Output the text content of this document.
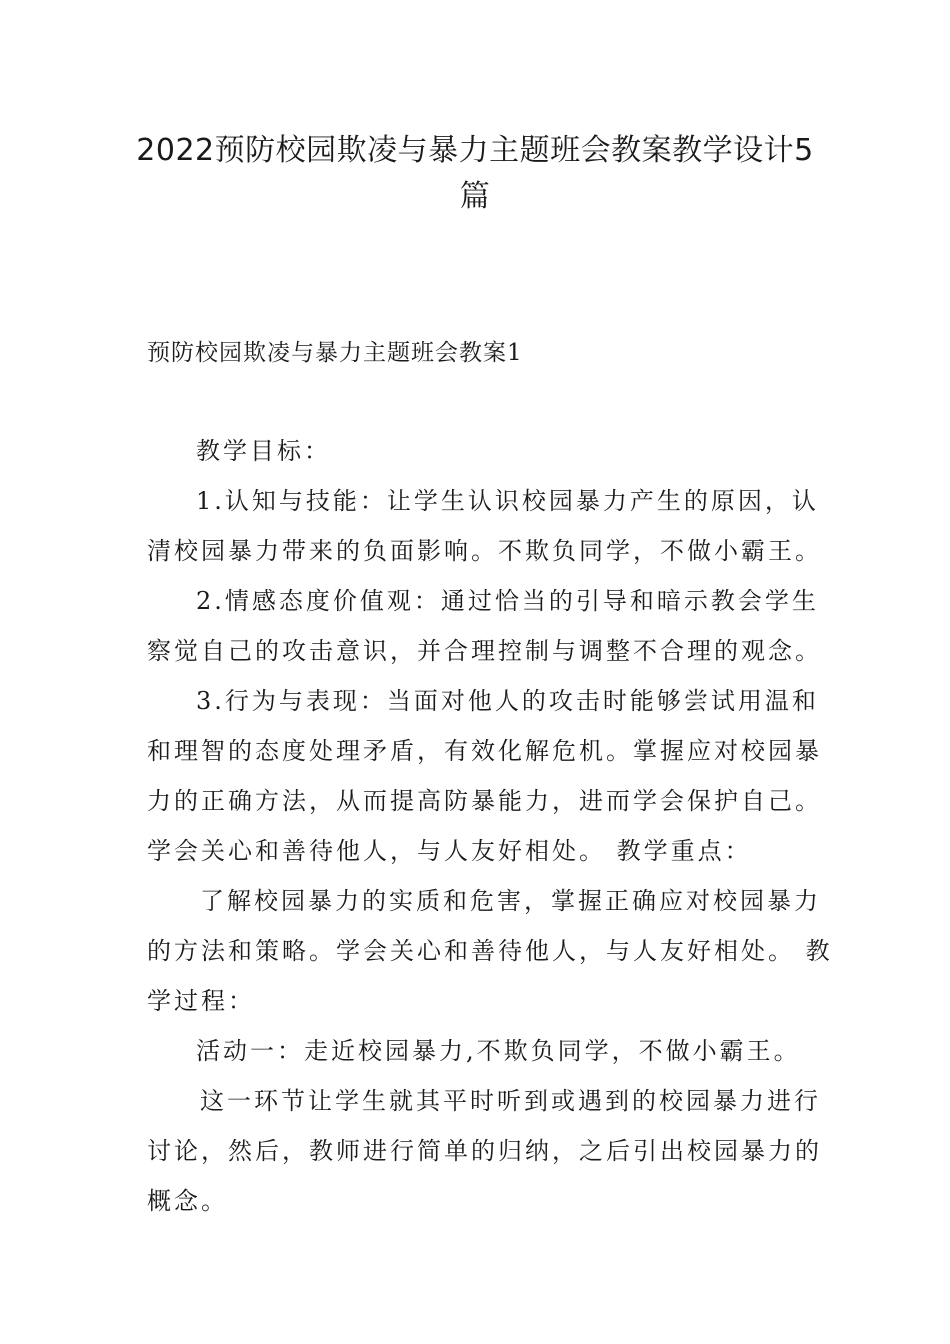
2022预防校园欺凌与暴力主题班会教案教学设计5
篇
预防校园欺凌与暴力主题班会教案1
教学目标：
1.认知与技能：让学生认识校园暴力产生的原因，认
清校园暴力带来的负面影响。不欺负同学，不做小霸王。
2.情感态度价值观：通过恰当的引导和暗示教会学生
察觉自己的攻击意识，并合理控制与调整不合理的观念。
3.行为与表现：当面对他人的攻击时能够尝试用温和
和理智的态度处理矛盾，有效化解危机。掌握应对校园暴
力的正确方法，从而提高防暴能力，进而学会保护自己。
学会关心和善待他人，与人友好相处。 教学重点：
了解校园暴力的实质和危害，掌握正确应对校园暴力
的方法和策略。学会关心和善待他人，与人友好相处。 教
学过程：
活动一：走近校园暴力,不欺负同学，不做小霸王。
这一环节让学生就其平时听到或遇到的校园暴力进行
讨论，然后，教师进行简单的归纳，之后引出校园暴力的
概念。
